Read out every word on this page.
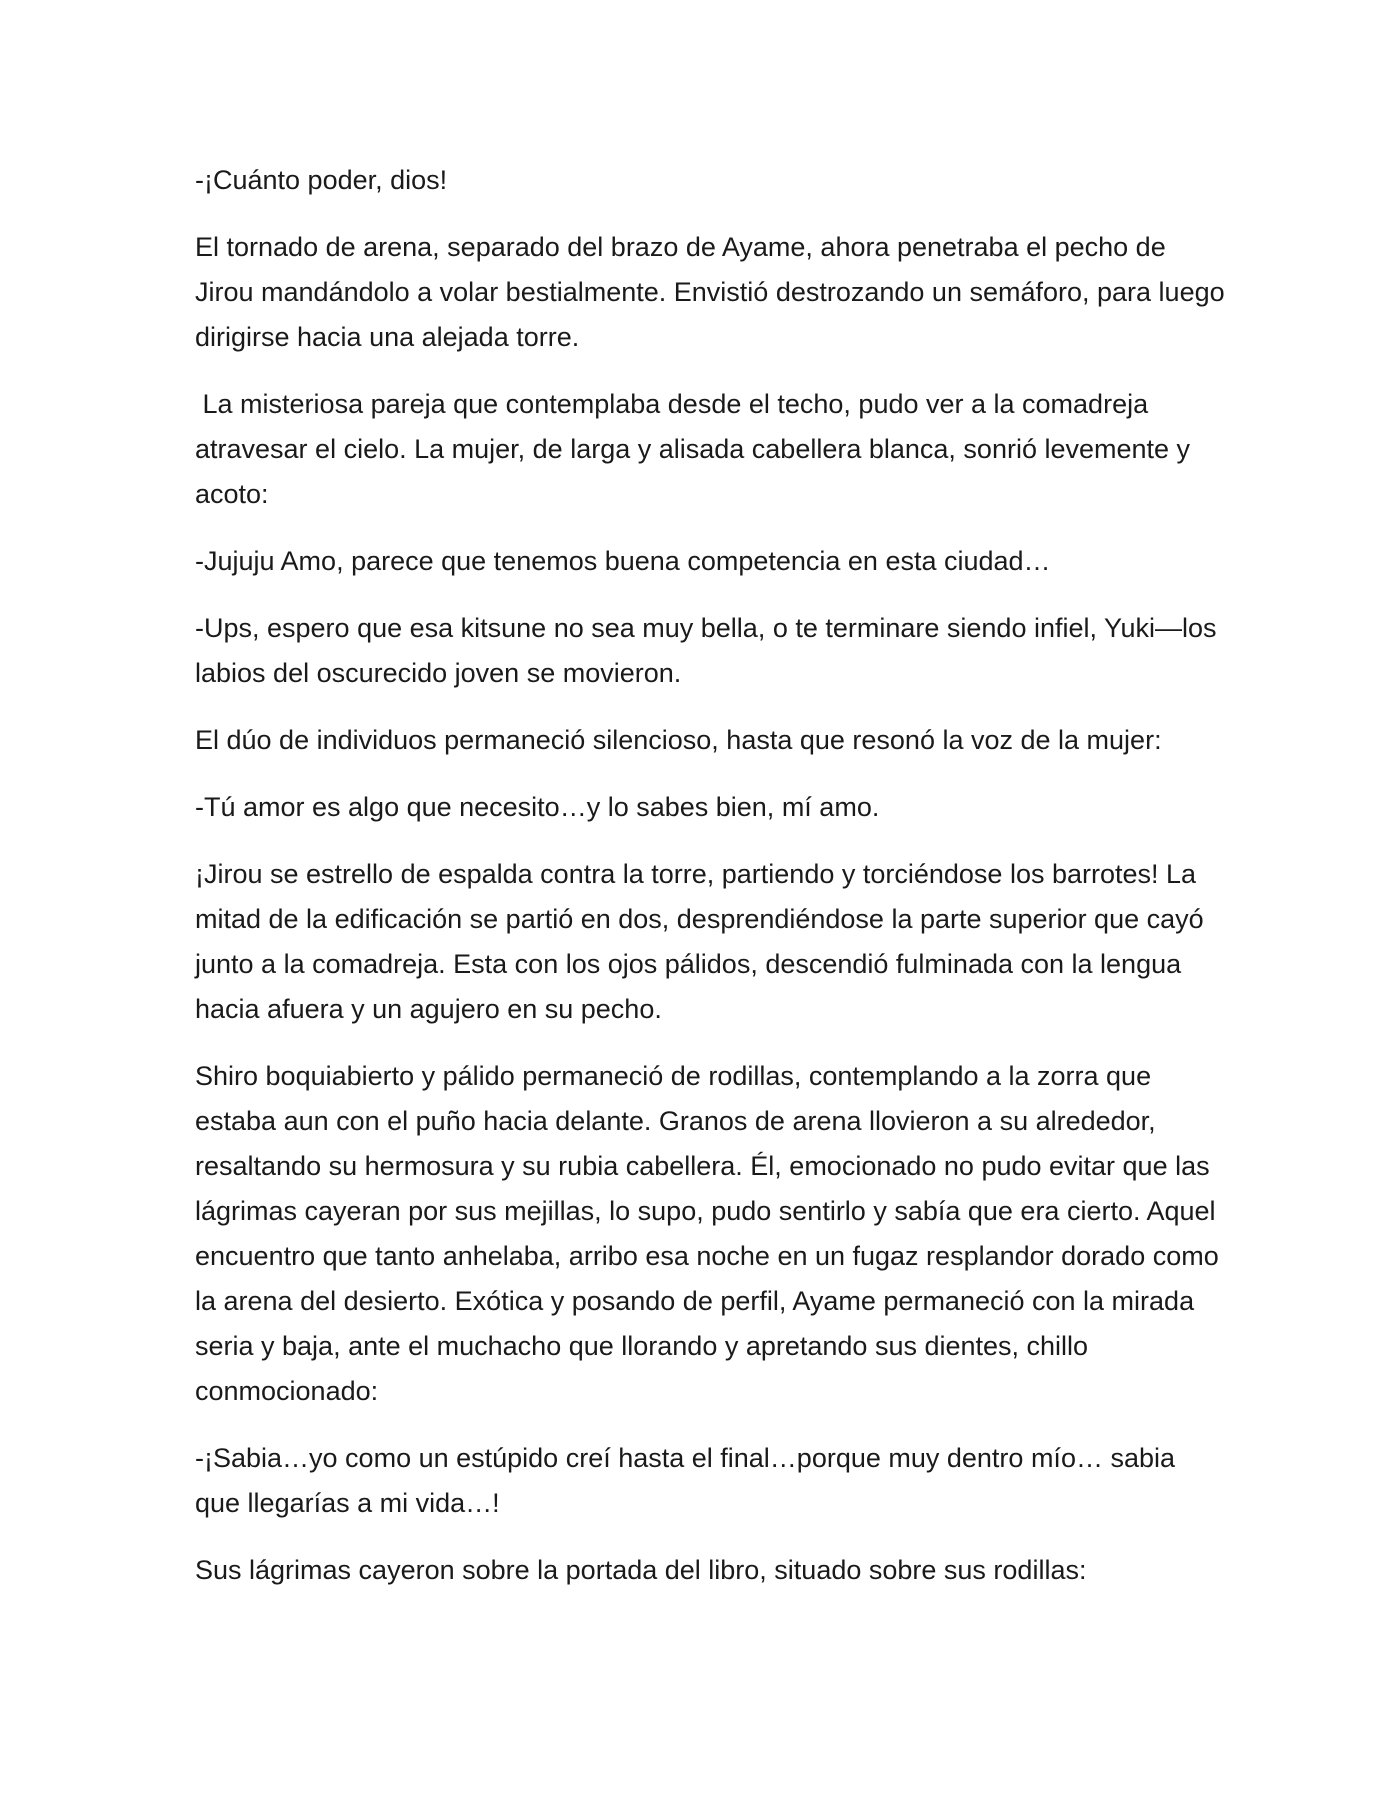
-¡Cuánto poder, dios!

El tornado de arena, separado del brazo de Ayame, ahora penetraba el pecho de Jirou mandándolo a volar bestialmente. Envistió destrozando un semáforo, para luego dirigirse hacia una alejada torre.

La misteriosa pareja que contemplaba desde el techo, pudo ver a la comadreja atravesar el cielo. La mujer, de larga y alisada cabellera blanca, sonrió levemente y acoto:

-Jujuju Amo, parece que tenemos buena competencia en esta ciudad…

-Ups, espero que esa kitsune no sea muy bella, o te terminare siendo infiel, Yuki—los labios del oscurecido joven se movieron.

El dúo de individuos permaneció silencioso, hasta que resonó la voz de la mujer:

-Tú amor es algo que necesito…y lo sabes bien, mí amo.

¡Jirou se estrello de espalda contra la torre, partiendo y torciéndose los barrotes! La mitad de la edificación se partió en dos, desprendiéndose la parte superior que cayó junto a la comadreja. Esta con los ojos pálidos, descendió fulminada con la lengua hacia afuera y un agujero en su pecho.

Shiro boquiabierto y pálido permaneció de rodillas, contemplando a la zorra que estaba aun con el puño hacia delante. Granos de arena llovieron a su alrededor, resaltando su hermosura y su rubia cabellera. Él, emocionado no pudo evitar que las lágrimas cayeran por sus mejillas, lo supo, pudo sentirlo y sabía que era cierto. Aquel encuentro que tanto anhelaba, arribo esa noche en un fugaz resplandor dorado como la arena del desierto. Exótica y posando de perfil, Ayame permaneció con la mirada seria y baja, ante el muchacho que llorando y apretando sus dientes, chillo conmocionado:

-¡Sabia…yo como un estúpido creí hasta el final…porque muy dentro mío… sabia que llegarías a mi vida…!

Sus lágrimas cayeron sobre la portada del libro, situado sobre sus rodillas:
